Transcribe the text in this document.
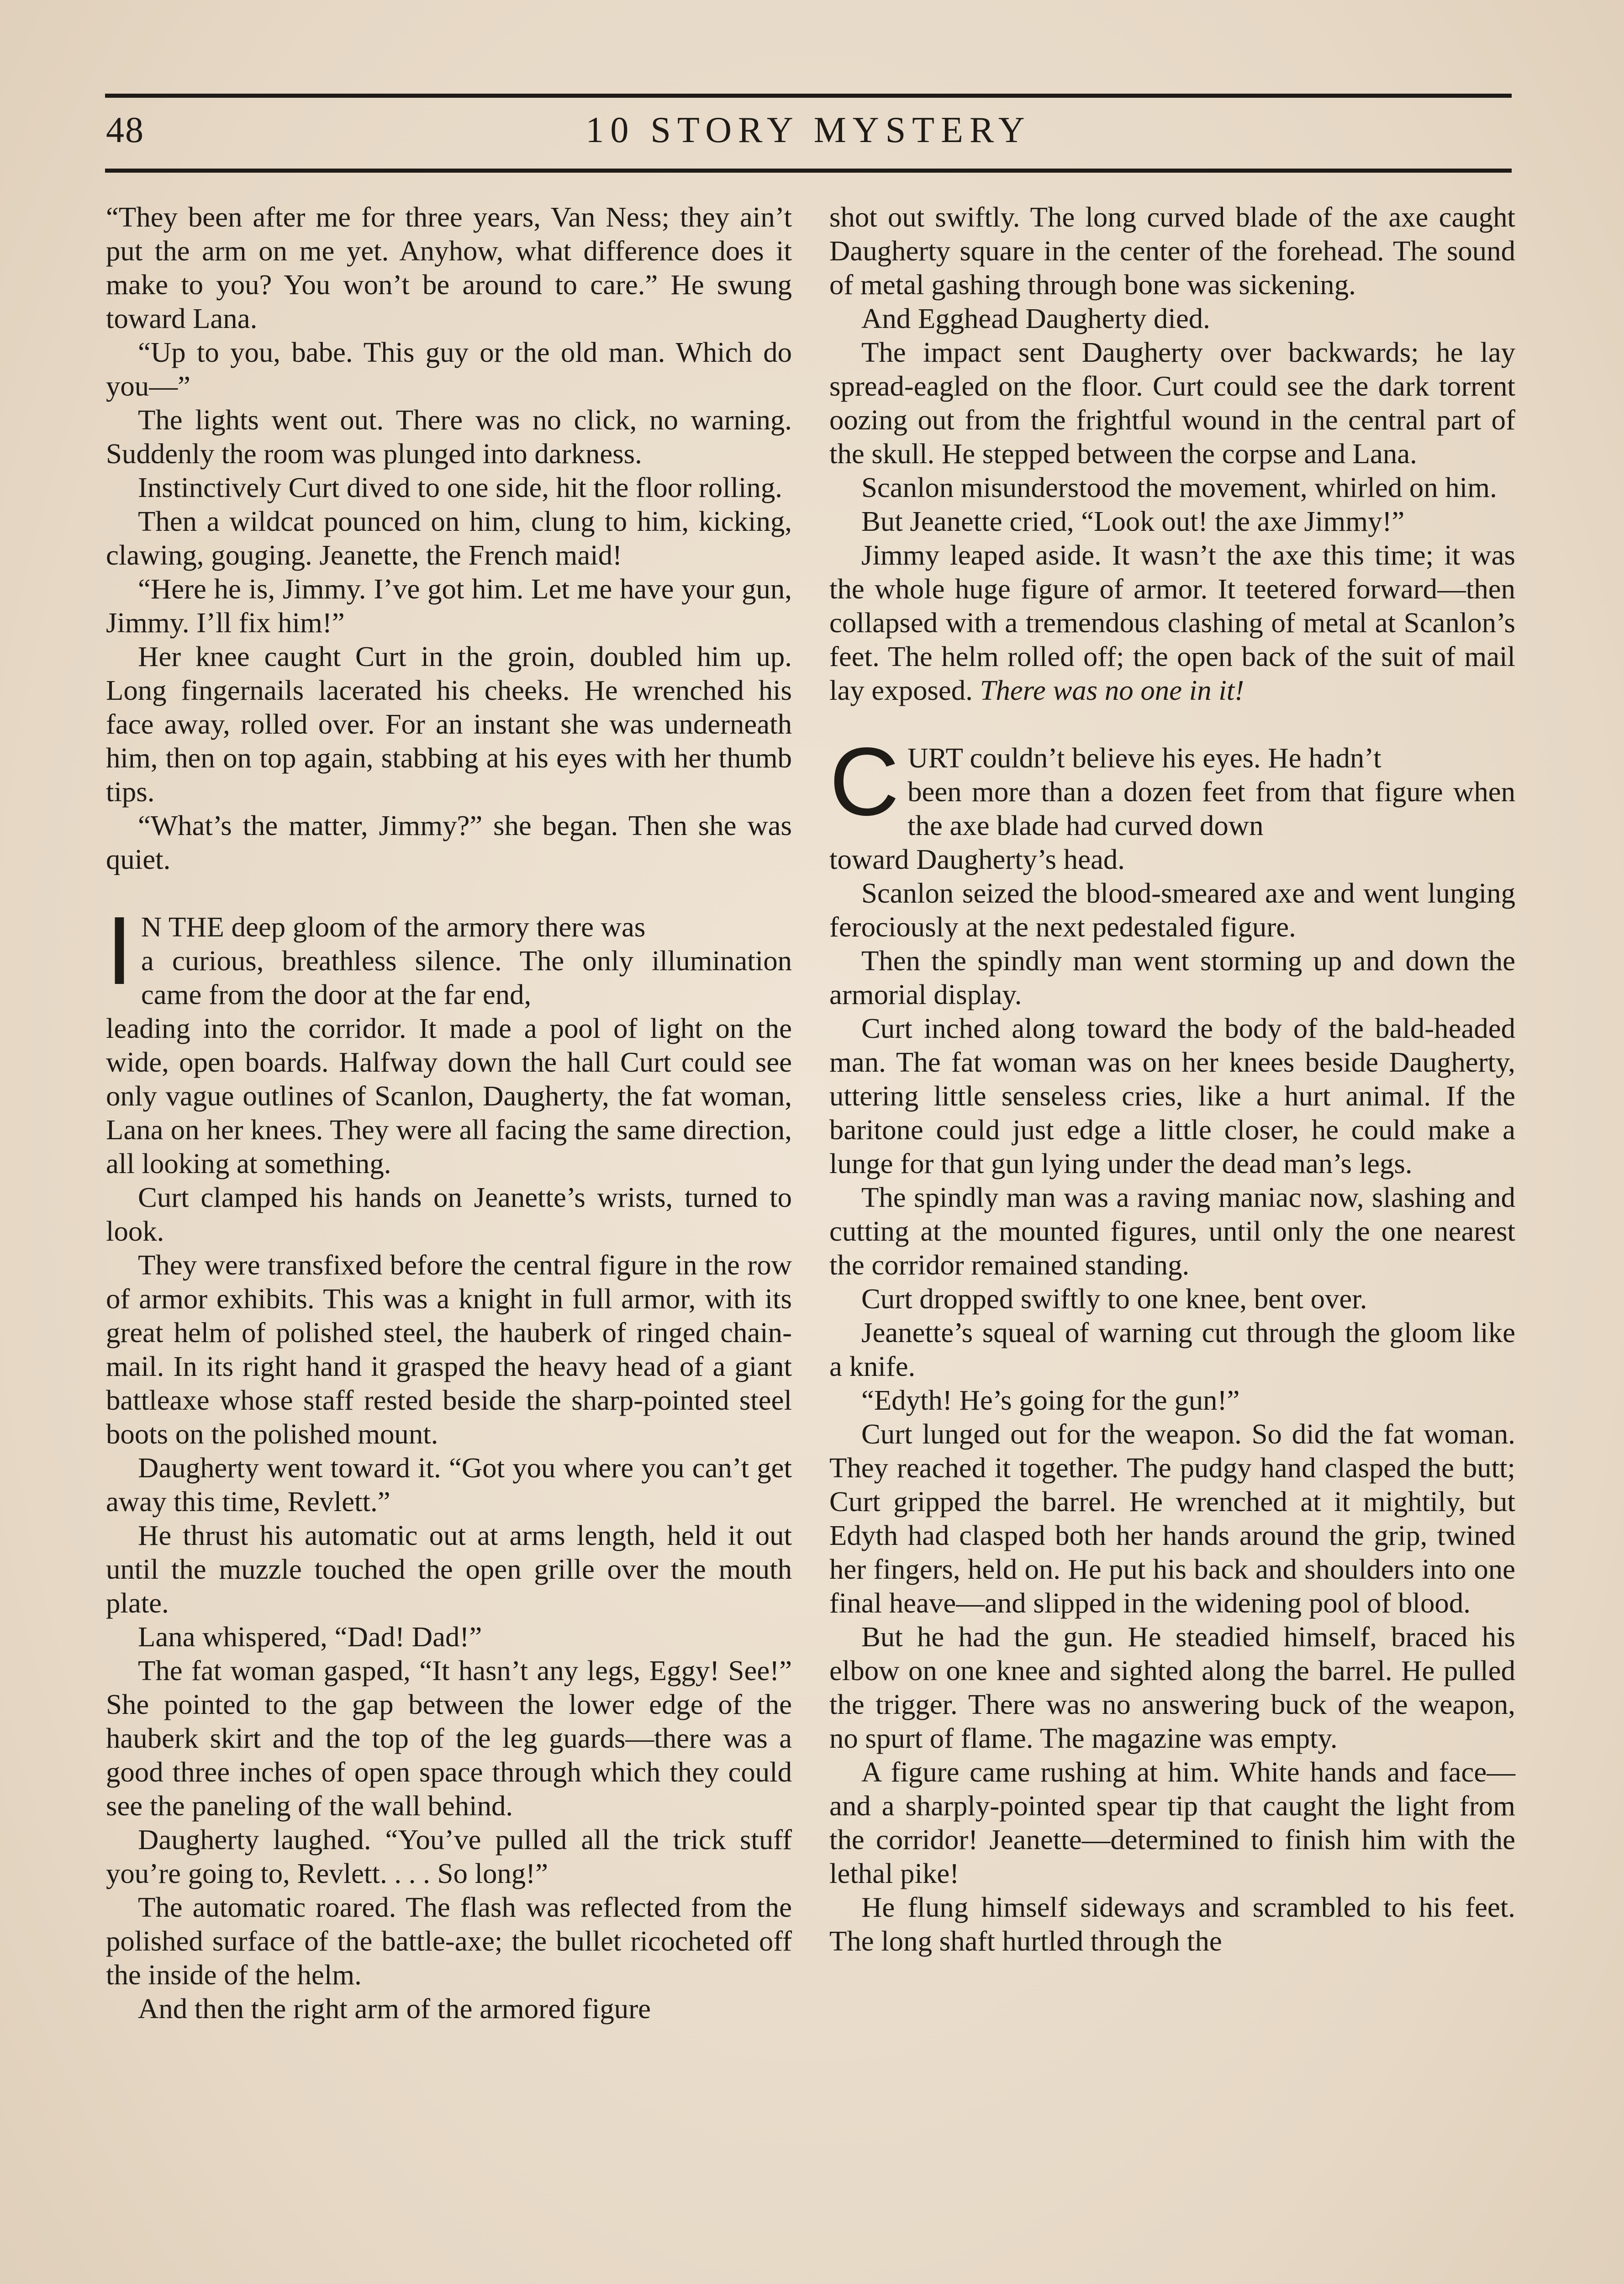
48	10 STORY MYSTERY

“They been after me for three years, Van Ness; they ain’t put the arm on me yet. Anyhow, what difference does it make to you? You won’t be around to care.” He swung toward Lana.

“Up to you, babe. This guy or the old man. Which do you—”

The lights went out. There was no click, no warning. Suddenly the room was plunged into darkness.

Instinctively Curt dived to one side, hit the floor rolling.

Then a wildcat pounced on him, clung to him, kicking, clawing, gouging. Jeanette, the French maid!

“Here he is, Jimmy. I’ve got him. Let me have your gun, Jimmy. I’ll fix him!”

Her knee caught Curt in the groin, doubled him up. Long fingernails lacerated his cheeks. He wrenched his face away, rolled over. For an instant she was underneath him, then on top again, stabbing at his eyes with her thumb tips.

“What’s the matter, Jimmy?” she began. Then she was quiet.

I N THE deep gloom of the armory there was

a curious, breathless silence. The only illumination came from the door at the far end,

leading into the corridor. It made a pool of light on the wide, open boards. Halfway down the hall Curt could see only vague outlines of Scanlon, Daugherty, the fat woman, Lana on her knees. They were all facing the same direction, all looking at something.

Curt clamped his hands on Jeanette’s wrists, turned to look.

They were transfixed before the central figure in the row of armor exhibits. This was a knight in full armor, with its great helm of polished steel, the hauberk of ringed chain-mail. In its right hand it grasped the heavy head of a giant battleaxe whose staff rested beside the sharp-pointed steel boots on the polished mount.

Daugherty went toward it. “Got you where you can’t get away this time, Revlett.”

He thrust his automatic out at arms length, held it out until the muzzle touched the open grille over the mouth plate.

Lana whispered, “Dad! Dad!”

The fat woman gasped, “It hasn’t any legs, Eggy! See!” She pointed to the gap between the lower edge of the hauberk skirt and the top of the leg guards—there was a good three inches of open space through which they could see the paneling of the wall behind.

Daugherty laughed. “You’ve pulled all the trick stuff you’re going to, Revlett. . . . So long!”

The automatic roared. The flash was reflected from the polished surface of the battle-axe; the bullet ricocheted off the inside of the helm.

And then the right arm of the armored figure

shot out swiftly. The long curved blade of the axe caught Daugherty square in the center of the forehead. The sound of metal gashing through bone was sickening.

And Egghead Daugherty died.

The impact sent Daugherty over backwards; he lay spread-eagled on the floor. Curt could see the dark torrent oozing out from the frightful wound in the central part of the skull. He stepped between the corpse and Lana.

Scanlon misunderstood the movement, whirled on him.

But Jeanette cried, “Look out! the axe Jimmy!”

Jimmy leaped aside. It wasn’t the axe this time; it was the whole huge figure of armor. It teetered forward—then collapsed with a tremendous clashing of metal at Scanlon’s feet. The helm rolled off; the open back of the suit of mail lay exposed. There was no one in it!

C URT couldn’t believe his eyes. He hadn’t

been more than a dozen feet from that figure when the axe blade had curved down

toward Daugherty’s head.

Scanlon seized the blood-smeared axe and went lunging ferociously at the next pedestaled figure.

Then the spindly man went storming up and down the armorial display.

Curt inched along toward the body of the bald-headed man. The fat woman was on her knees beside Daugherty, uttering little senseless cries, like a hurt animal. If the baritone could just edge a little closer, he could make a lunge for that gun lying under the dead man’s legs.

The spindly man was a raving maniac now, slashing and cutting at the mounted figures, until only the one nearest the corridor remained standing.

Curt dropped swiftly to one knee, bent over.

Jeanette’s squeal of warning cut through the gloom like a knife.

“Edyth! He’s going for the gun!”

Curt lunged out for the weapon. So did the fat woman. They reached it together. The pudgy hand clasped the butt; Curt gripped the barrel. He wrenched at it mightily, but Edyth had clasped both her hands around the grip, twined her fingers, held on. He put his back and shoulders into one final heave—and slipped in the widening pool of blood.

But he had the gun. He steadied himself, braced his elbow on one knee and sighted along the barrel. He pulled the trigger. There was no answering buck of the weapon, no spurt of flame. The magazine was empty.

A figure came rushing at him. White hands and face—and a sharply-pointed spear tip that caught the light from the corridor! Jeanette—determined to finish him with the lethal pike!

He flung himself sideways and scrambled to his feet. The long shaft hurtled through the
